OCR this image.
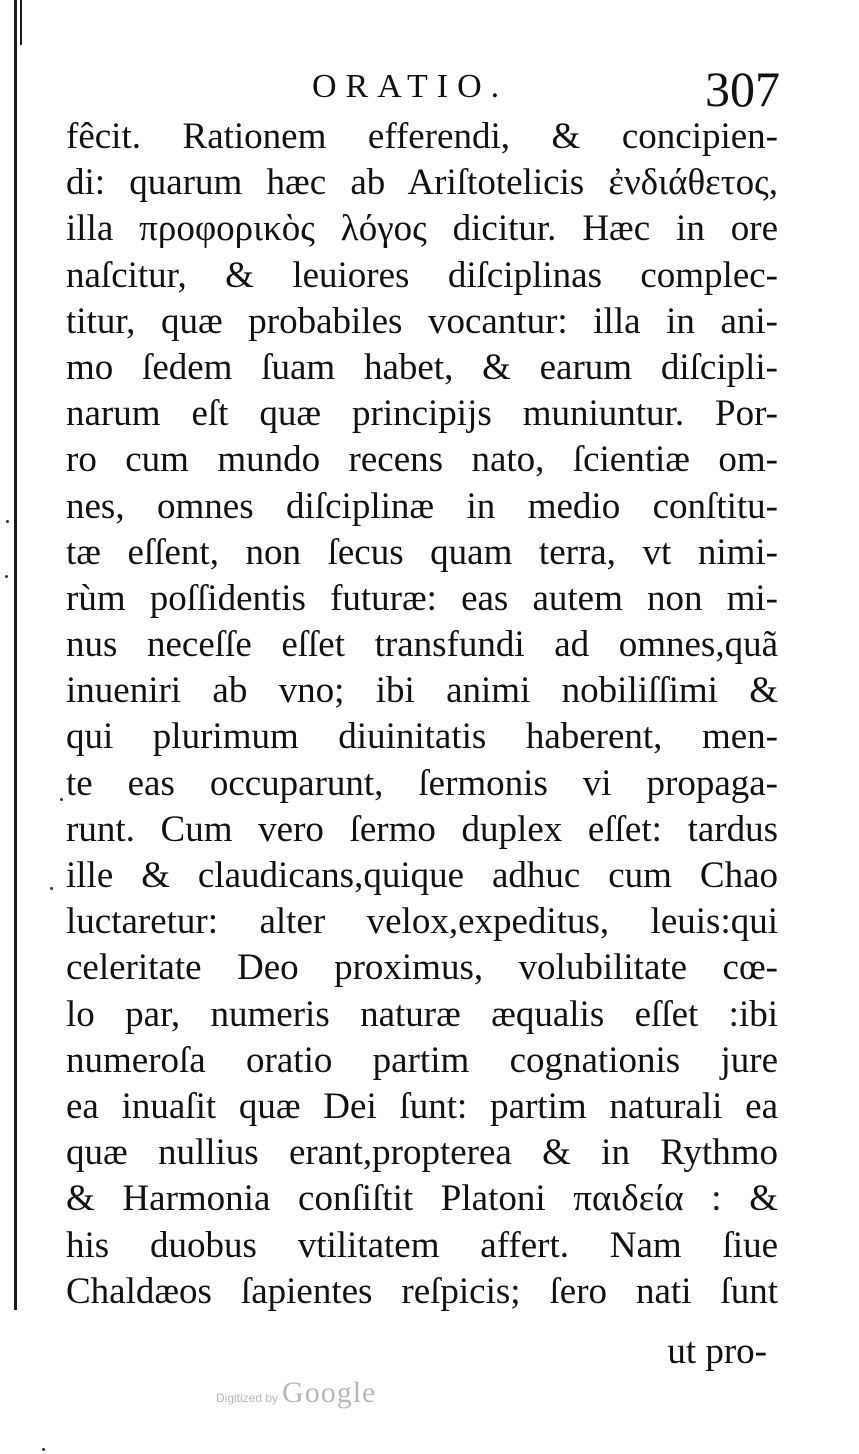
ORATIO.	307
fêcit. Rationem efferendi, & concipien-
di: quarum hæc ab Ariſtotelicis ἐνδιάθετος,
illa προφορικὸς λόγος dicitur. Hæc in ore
naſcitur, & leuiores diſciplinas complec-
titur, quæ probabiles vocantur: illa in ani-
mo ſedem ſuam habet, & earum diſcipli-
narum eſt quæ principijs muniuntur. Por-
ro cum mundo recens nato, ſcientiæ om-
nes, omnes diſciplinæ in medio conſtitu-
tæ eſſent, non ſecus quam terra, vt nimi-
rùm poſſidentis futuræ: eas autem non mi-
nus neceſſe eſſet transfundi ad omnes,quã
inueniri ab vno; ibi animi nobiliſſimi &
qui plurimum diuinitatis haberent, men-
te eas occuparunt, ſermonis vi propaga-
runt. Cum vero ſermo duplex eſſet: tardus
ille & claudicans,quique adhuc cum Chao
luctaretur: alter velox,expeditus, leuis:qui
celeritate Deo proximus, volubilitate cœ-
lo par, numeris naturæ æqualis eſſet :ibi
numeroſa oratio partim cognationis jure
ea inuaſit quæ Dei ſunt: partim naturali ea
quæ nullius erant,propterea & in Rythmo
& Harmonia conſiſtit Platoni παιδεία : &
his duobus vtilitatem affert. Nam ſiue
Chaldæos ſapientes reſpicis; ſero nati ſunt
ut pro-
Digitized by Google
